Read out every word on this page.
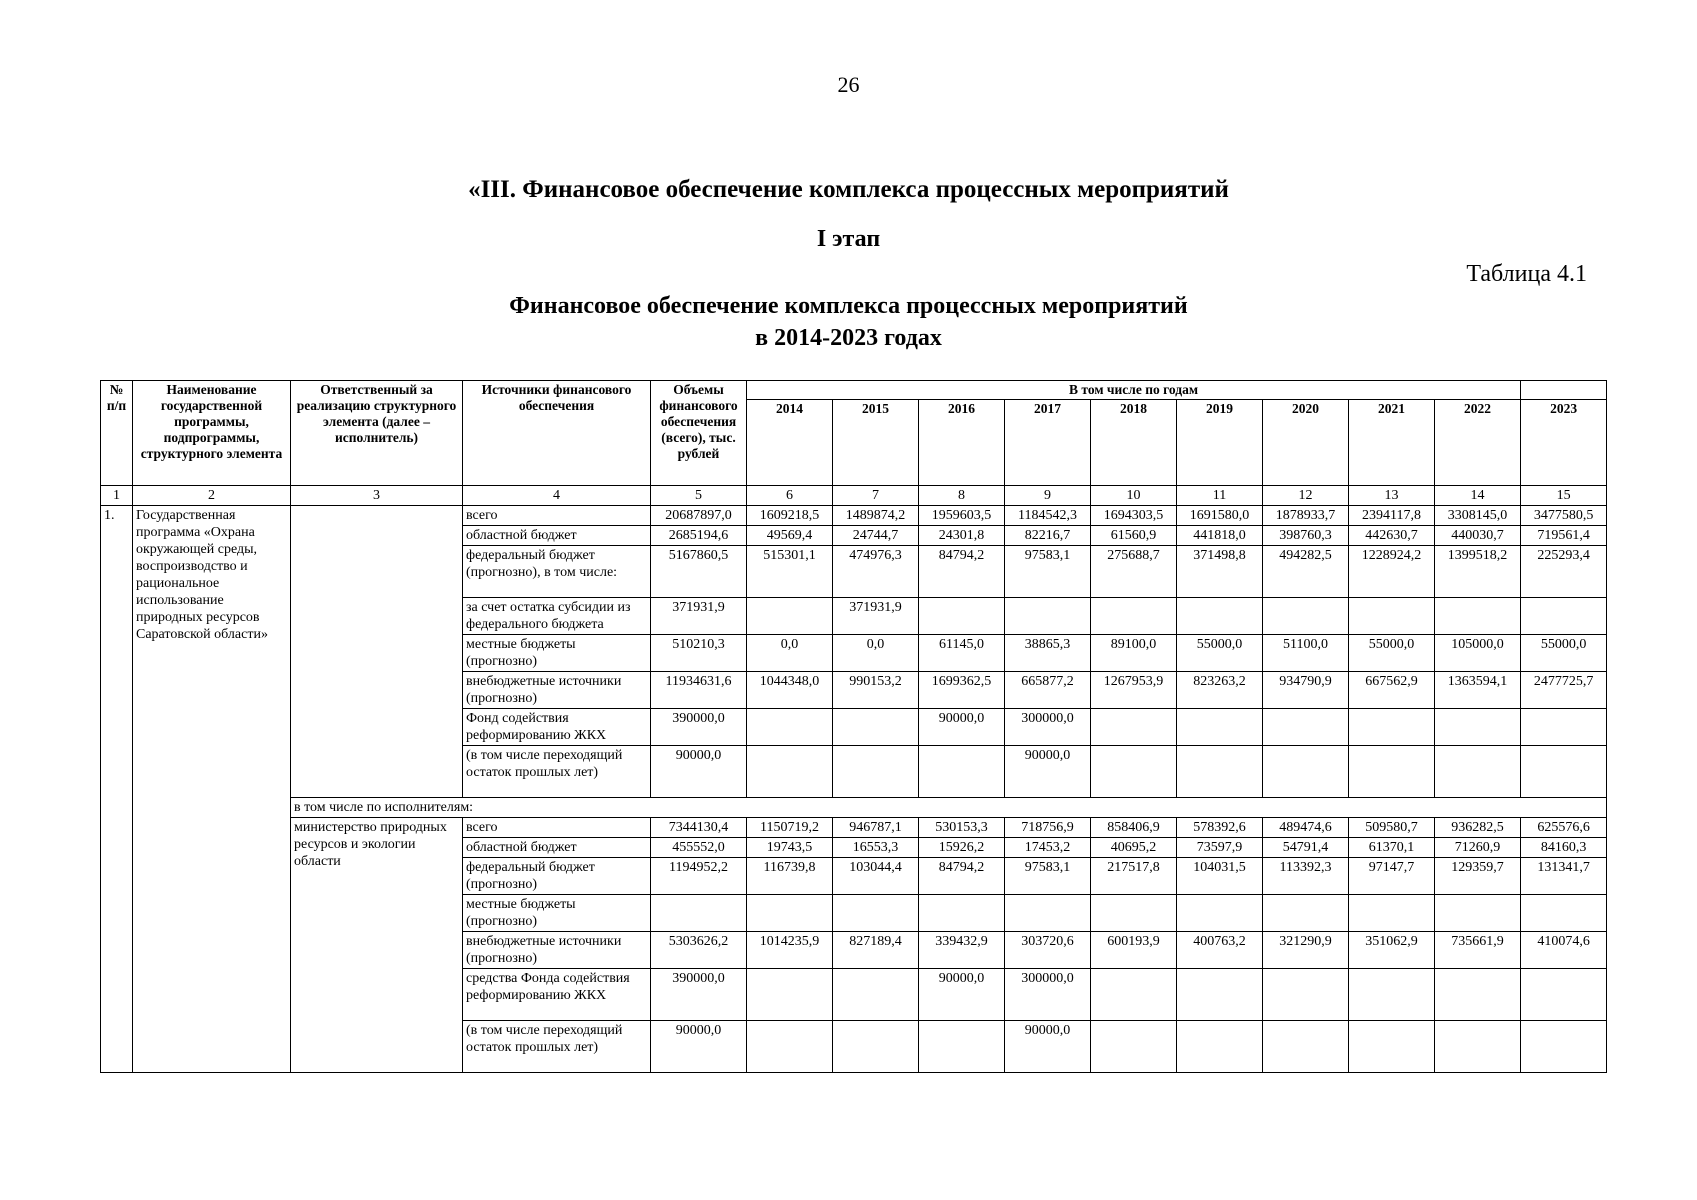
26
«III. Финансовое обеспечение комплекса процессных мероприятий
I этап
Таблица 4.1
Финансовое обеспечение комплекса процессных мероприятий
в 2014-2023 годах
№ п/п	Наименование государственной программы, подпрограммы, структурного элемента	Ответственный за реализацию структурного элемента (далее – исполнитель)	Источники финансового обеспечения	Объемы финансового обеспечения (всего), тыс. рублей	В том числе по годам									
					2014	2015	2016	2017	2018	2019	2020	2021	2022	2023
1	2	3	4	5	6	7	8	9	10	11	12	13	14	15
1.	Государственная программа «Охрана окружающей среды, воспроизводство и рациональное использование природных ресурсов Саратовской области»		всего	20687897,0	1609218,5	1489874,2	1959603,5	1184542,3	1694303,5	1691580,0	1878933,7	2394117,8	3308145,0	3477580,5
			областной бюджет	2685194,6	49569,4	24744,7	24301,8	82216,7	61560,9	441818,0	398760,3	442630,7	440030,7	719561,4
			федеральный бюджет (прогнозно), в том числе:	5167860,5	515301,1	474976,3	84794,2	97583,1	275688,7	371498,8	494282,5	1228924,2	1399518,2	225293,4
			за счет остатка субсидии из федерального бюджета	371931,9		371931,9								
			местные бюджеты (прогнозно)	510210,3	0,0	0,0	61145,0	38865,3	89100,0	55000,0	51100,0	55000,0	105000,0	55000,0
			внебюджетные источники (прогнозно)	11934631,6	1044348,0	990153,2	1699362,5	665877,2	1267953,9	823263,2	934790,9	667562,9	1363594,1	2477725,7
			Фонд содействия реформированию ЖКХ	390000,0			90000,0	300000,0						
			(в том числе переходящий остаток прошлых лет)	90000,0				90000,0						
		в том числе по исполнителям:												
		министерство природных ресурсов и экологии области	всего	7344130,4	1150719,2	946787,1	530153,3	718756,9	858406,9	578392,6	489474,6	509580,7	936282,5	625576,6
			областной бюджет	455552,0	19743,5	16553,3	15926,2	17453,2	40695,2	73597,9	54791,4	61370,1	71260,9	84160,3
			федеральный бюджет (прогнозно)	1194952,2	116739,8	103044,4	84794,2	97583,1	217517,8	104031,5	113392,3	97147,7	129359,7	131341,7
			местные бюджеты (прогнозно)											
			внебюджетные источники (прогнозно)	5303626,2	1014235,9	827189,4	339432,9	303720,6	600193,9	400763,2	321290,9	351062,9	735661,9	410074,6
			средства Фонда содействия реформированию ЖКХ	390000,0			90000,0	300000,0						
			(в том числе переходящий остаток прошлых лет)	90000,0				90000,0						
